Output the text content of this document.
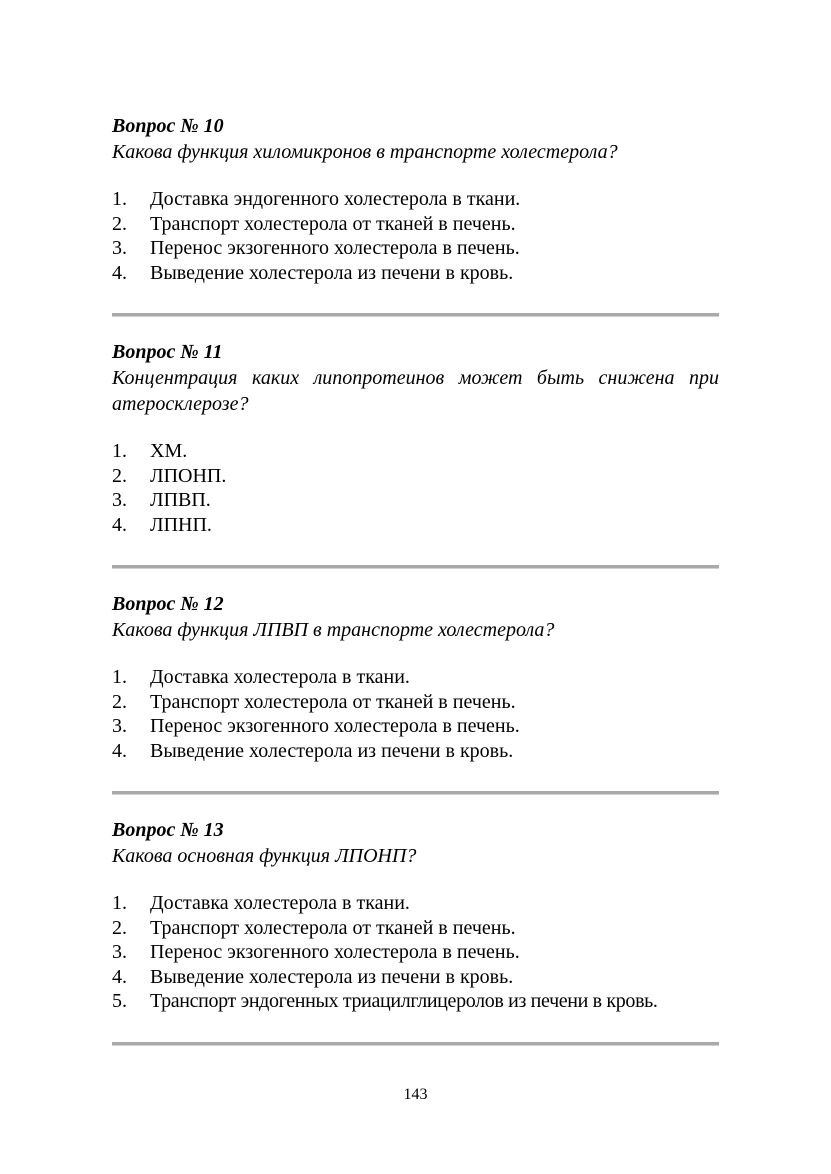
Вопрос № 10
Какова функция хиломикронов в транспорте холестерола?
1. Доставка эндогенного холестерола в ткани.
2. Транспорт холестерола от тканей в печень.
3. Перенос экзогенного холестерола в печень.
4. Выведение холестерола из печени в кровь.
Вопрос № 11
Концентрация каких липопротеинов может быть снижена при атеросклерозе?
1. ХМ.
2. ЛПОНП.
3. ЛПВП.
4. ЛПНП.
Вопрос № 12
Какова функция ЛПВП в транспорте холестерола?
1. Доставка холестерола в ткани.
2. Транспорт холестерола от тканей в печень.
3. Перенос экзогенного холестерола в печень.
4. Выведение холестерола из печени в кровь.
Вопрос № 13
Какова основная функция ЛПОНП?
1. Доставка холестерола в ткани.
2. Транспорт холестерола от тканей в печень.
3. Перенос экзогенного холестерола в печень.
4. Выведение холестерола из печени в кровь.
5. Транспорт эндогенных триацилглицеролов из печени в кровь.
143
